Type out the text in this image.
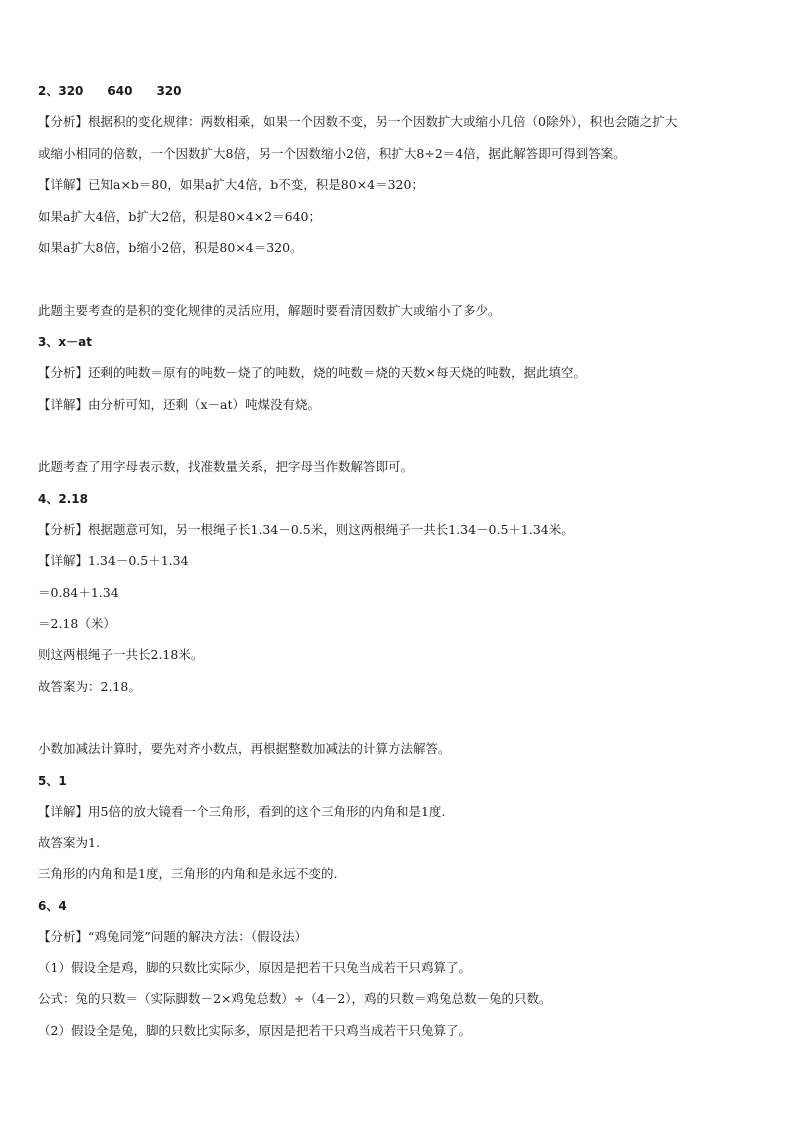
2、320　　640　　320
【分析】根据积的变化规律：两数相乘，如果一个因数不变，另一个因数扩大或缩小几倍（0除外），积也会随之扩大
或缩小相同的倍数，一个因数扩大8倍，另一个因数缩小2倍，积扩大8÷2＝4倍，据此解答即可得到答案。
【详解】已知a×b＝80，如果a扩大4倍，b不变，积是80×4＝320；
如果a扩大4倍，b扩大2倍，积是80×4×2＝640；
如果a扩大8倍，b缩小2倍，积是80×4＝320。
此题主要考查的是积的变化规律的灵活应用，解题时要看清因数扩大或缩小了多少。
3、x－at
【分析】还剩的吨数＝原有的吨数－烧了的吨数，烧的吨数＝烧的天数×每天烧的吨数，据此填空。
【详解】由分析可知，还剩（x－at）吨煤没有烧。
此题考查了用字母表示数，找准数量关系，把字母当作数解答即可。
4、2.18
【分析】根据题意可知，另一根绳子长1.34－0.5米，则这两根绳子一共长1.34－0.5＋1.34米。
【详解】1.34－0.5＋1.34
＝0.84＋1.34
＝2.18（米）
则这两根绳子一共长2.18米。
故答案为：2.18。
小数加减法计算时，要先对齐小数点，再根据整数加减法的计算方法解答。
5、1
【详解】用5倍的放大镜看一个三角形，看到的这个三角形的内角和是1度.
故答案为1.
三角形的内角和是1度，三角形的内角和是永远不变的.
6、4
【分析】“鸡兔同笼”问题的解决方法：（假设法）
（1）假设全是鸡，脚的只数比实际少，原因是把若干只兔当成若干只鸡算了。
公式：兔的只数＝（实际脚数－2×鸡兔总数）÷（4－2），鸡的只数＝鸡兔总数－兔的只数。
（2）假设全是兔，脚的只数比实际多，原因是把若干只鸡当成若干只兔算了。
